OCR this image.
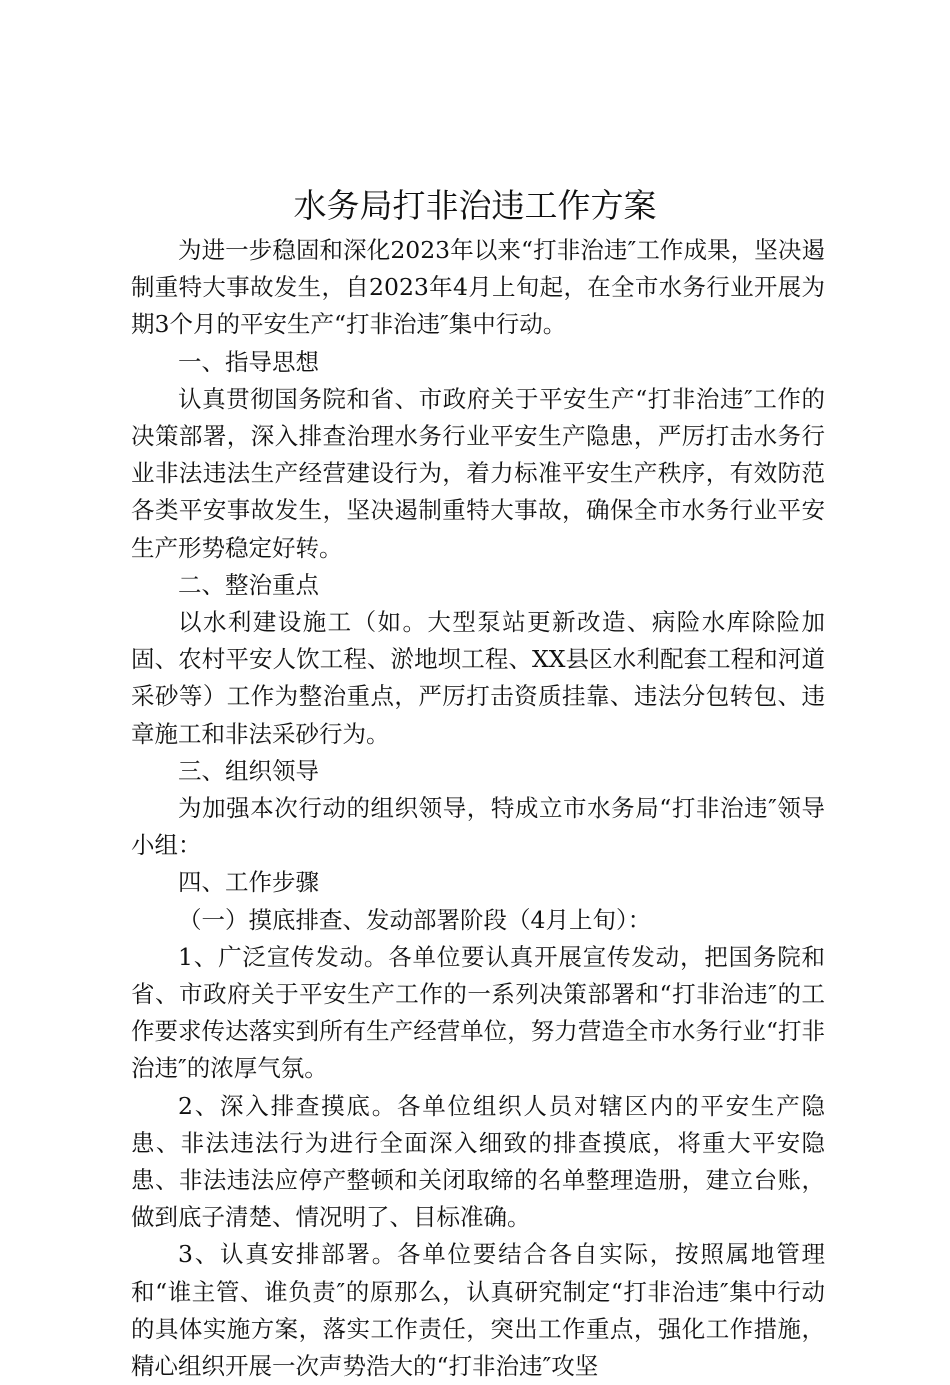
水务局打非治违工作方案

为进一步稳固和深化2023年以来“打非治违″工作成果，坚决遏制重特大事故发生，自2023年4月上旬起，在全市水务行业开展为期3个月的平安生产“打非治违″集中行动。

一、指导思想

认真贯彻国务院和省、市政府关于平安生产“打非治违″工作的决策部署，深入排查治理水务行业平安生产隐患，严厉打击水务行业非法违法生产经营建设行为，着力标准平安生产秩序，有效防范各类平安事故发生，坚决遏制重特大事故，确保全市水务行业平安生产形势稳定好转。

二、整治重点

以水利建设施工（如。大型泵站更新改造、病险水库除险加固、农村平安人饮工程、淤地坝工程、XX县区水利配套工程和河道采砂等）工作为整治重点，严厉打击资质挂靠、违法分包转包、违章施工和非法采砂行为。

三、组织领导

为加强本次行动的组织领导，特成立市水务局“打非治违″领导小组：

四、工作步骤

（一）摸底排查、发动部署阶段（4月上旬）：

1、广泛宣传发动。各单位要认真开展宣传发动，把国务院和省、市政府关于平安生产工作的一系列决策部署和“打非治违″的工作要求传达落实到所有生产经营单位，努力营造全市水务行业“打非治违″的浓厚气氛。

2、深入排查摸底。各单位组织人员对辖区内的平安生产隐患、非法违法行为进行全面深入细致的排查摸底，将重大平安隐患、非法违法应停产整顿和关闭取缔的名单整理造册，建立台账，做到底子清楚、情况明了、目标准确。

3、认真安排部署。各单位要结合各自实际，按照属地管理和“谁主管、谁负责″的原那么，认真研究制定“打非治违″集中行动的具体实施方案，落实工作责任，突出工作重点，强化工作措施，精心组织开展一次声势浩大的“打非治违″攻坚
